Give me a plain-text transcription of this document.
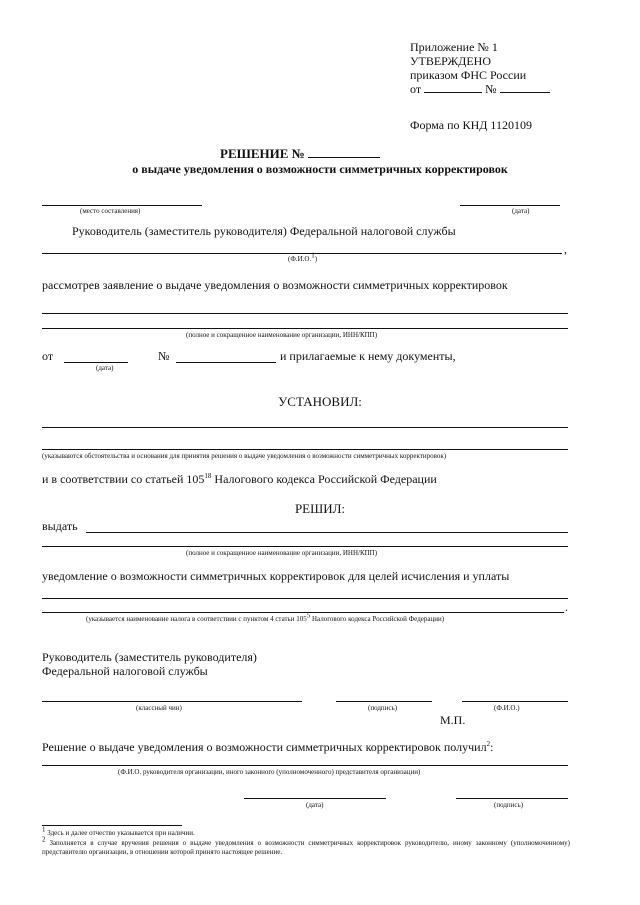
Приложение № 1
УТВЕРЖДЕНО
приказом ФНС России
от	№
Форма по КНД 1120109
РЕШЕНИЕ №
о выдаче уведомления о возможности симметричных корректировок
(место составления)	(дата)
Руководитель (заместитель руководителя) Федеральной налоговой службы
,
(Ф.И.О.$^1$)
рассмотрев заявление о выдаче уведомления о возможности симметричных корректировок
(полное и сокращенное наименование организации, ИНН/КПП)
от	№	и прилагаемые к нему документы,
(дата)
УСТАНОВИЛ:
(указываются обстоятельства и основания для принятия решения о выдаче уведомления о возможности симметричных корректировок)
и в соответствии со статьей $105^{18}$ Налогового кодекса Российской Федерации
РЕШИЛ:
выдать
(полное и сокращенное наименование организации, ИНН/КПП)
уведомление о возможности симметричных корректировок для целей исчисления и уплаты
.
(указывается наименование налога в соответствии с пунктом 4 статьи $105^5$ Налогового кодекса Российской Федерации)
Руководитель (заместитель руководителя)
Федеральной налоговой службы
(классный чин)	(подпись)	(Ф.И.О.)
М.П.
Решение о выдаче уведомления о возможности симметричных корректировок получил$^2$:
(Ф.И.О. руководителя организации, иного законного (уполномоченного) представителя организации)
(дата)	(подпись)
$^1$ Здесь и далее отчество указывается при наличии.
$^2$ Заполняется в случае вручения решения о выдаче уведомления о возможности симметричных корректировок руководителю, иному законному (уполномоченному) представителю организации, в отношении которой принято настоящее решение.
